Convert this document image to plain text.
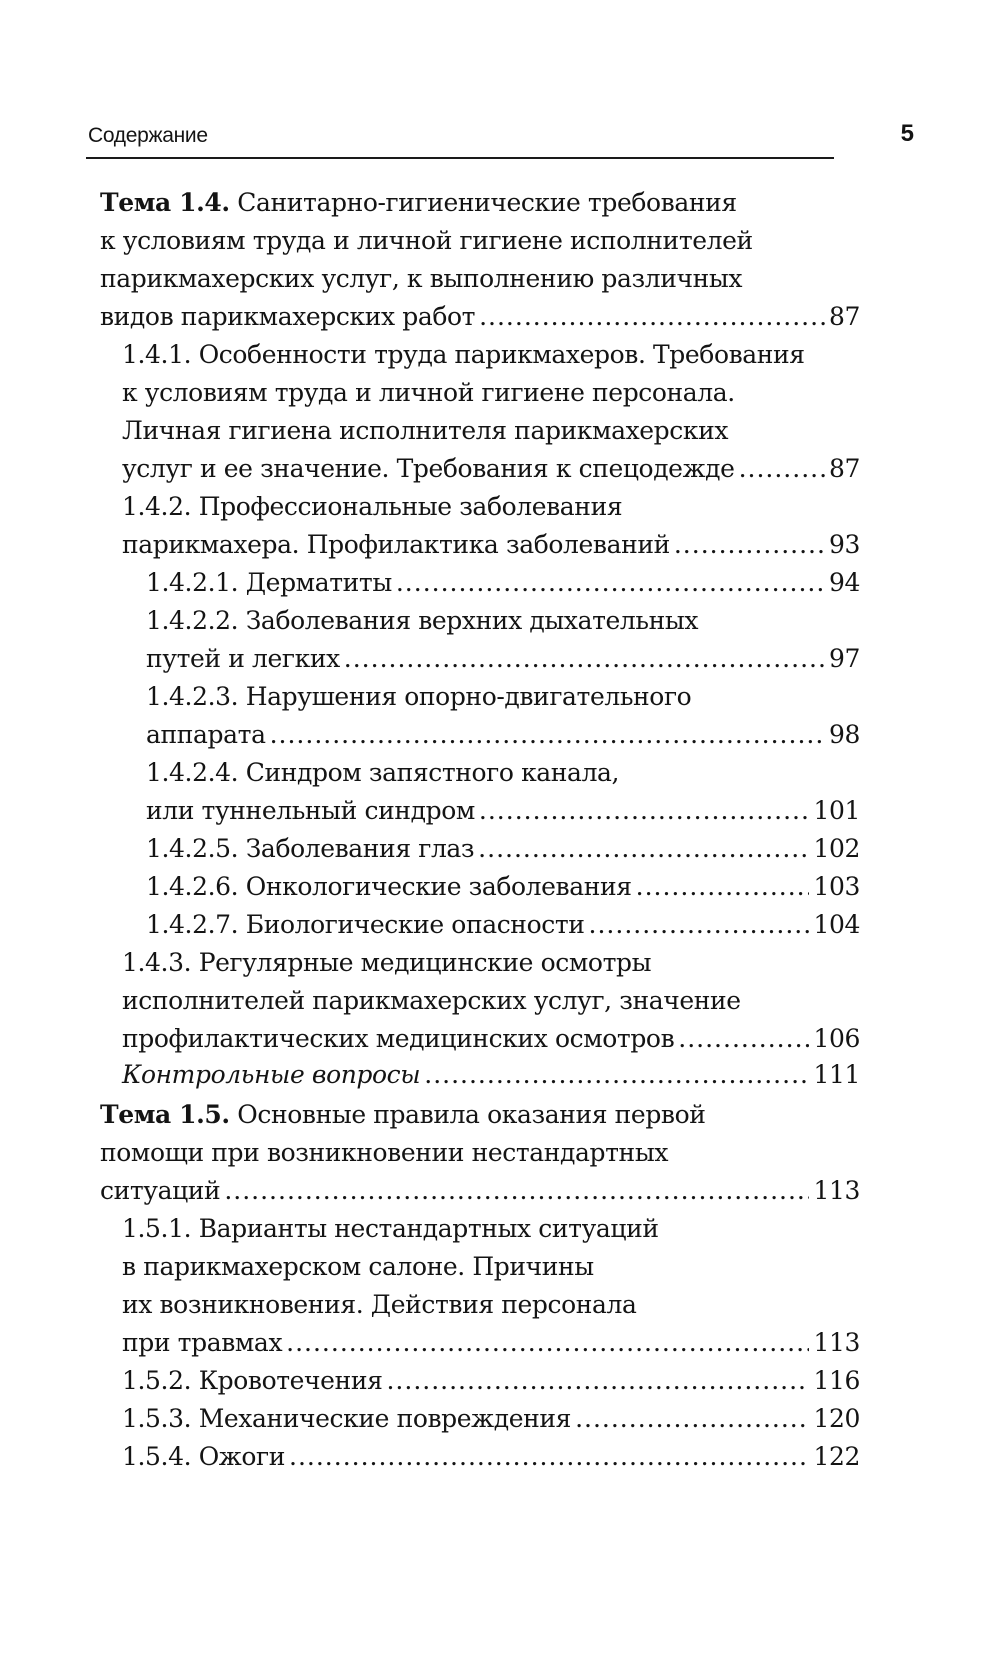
Содержание	5
Тема 1.4. Санитарно-гигиенические требования
к условиям труда и личной гигиене исполнителей
парикмахерских услуг, к выполнению различных
видов парикмахерских работ .....	87
1.4.1. Особенности труда парикмахеров. Требования
к условиям труда и личной гигиене персонала.
Личная гигиена исполнителя парикмахерских
услуг и ее значение. Требования к спецодежде .....	87
1.4.2. Профессиональные заболевания
парикмахера. Профилактика заболеваний .....	93
1.4.2.1. Дерматиты .....	94
1.4.2.2. Заболевания верхних дыхательных
путей и легких .....	97
1.4.2.3. Нарушения опорно-двигательного
аппарата .....	98
1.4.2.4. Синдром запястного канала,
или туннельный синдром .....	101
1.4.2.5. Заболевания глаз .....	102
1.4.2.6. Онкологические заболевания .....	103
1.4.2.7. Биологические опасности .....	104
1.4.3. Регулярные медицинские осмотры
исполнителей парикмахерских услуг, значение
профилактических медицинских осмотров .....	106
Контрольные вопросы .....	111
Тема 1.5. Основные правила оказания первой
помощи при возникновении нестандартных
ситуаций .....	113
1.5.1. Варианты нестандартных ситуаций
в парикмахерском салоне. Причины
их возникновения. Действия персонала
при травмах .....	113
1.5.2. Кровотечения .....	116
1.5.3. Механические повреждения .....	120
1.5.4. Ожоги .....	122
